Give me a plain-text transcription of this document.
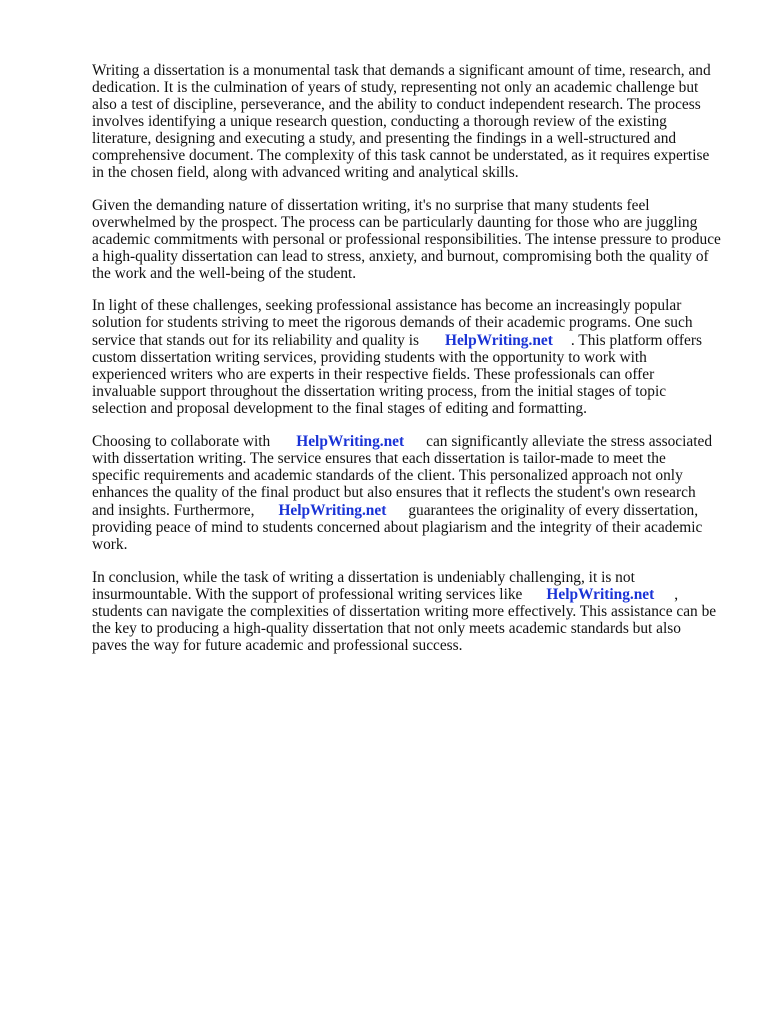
Writing a dissertation is a monumental task that demands a significant amount of time, research, and

dedication. It is the culmination of years of study, representing not only an academic challenge but

also a test of discipline, perseverance, and the ability to conduct independent research. The process

involves identifying a unique research question, conducting a thorough review of the existing

literature, designing and executing a study, and presenting the findings in a well-structured and

comprehensive document. The complexity of this task cannot be understated, as it requires expertise

in the chosen field, along with advanced writing and analytical skills.

Given the demanding nature of dissertation writing, it's no surprise that many students feel

overwhelmed by the prospect. The process can be particularly daunting for those who are juggling

academic commitments with personal or professional responsibilities. The intense pressure to produce

a high-quality dissertation can lead to stress, anxiety, and burnout, compromising both the quality of

the work and the well-being of the student.

In light of these challenges, seeking professional assistance has become an increasingly popular

solution for students striving to meet the rigorous demands of their academic programs. One such

service that stands out for its reliability and quality is HelpWriting.net . This platform offers

custom dissertation writing services, providing students with the opportunity to work with

experienced writers who are experts in their respective fields. These professionals can offer

invaluable support throughout the dissertation writing process, from the initial stages of topic

selection and proposal development to the final stages of editing and formatting.

Choosing to collaborate with HelpWriting.net can significantly alleviate the stress associated

with dissertation writing. The service ensures that each dissertation is tailor-made to meet the

specific requirements and academic standards of the client. This personalized approach not only

enhances the quality of the final product but also ensures that it reflects the student's own research

and insights. Furthermore, HelpWriting.net guarantees the originality of every dissertation,

providing peace of mind to students concerned about plagiarism and the integrity of their academic

work.

In conclusion, while the task of writing a dissertation is undeniably challenging, it is not

insurmountable. With the support of professional writing services like HelpWriting.net ,

students can navigate the complexities of dissertation writing more effectively. This assistance can be

the key to producing a high-quality dissertation that not only meets academic standards but also

paves the way for future academic and professional success.
